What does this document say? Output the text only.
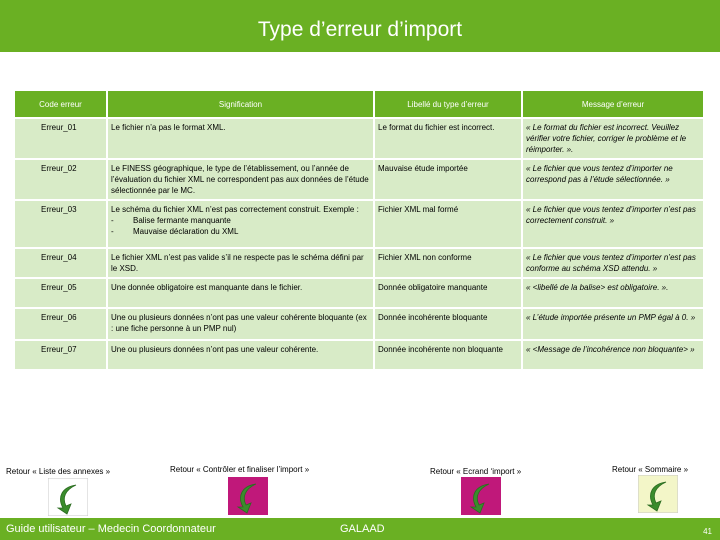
Type d’erreur d’import
Code erreur	Signification	Libellé du type d’erreur	Message d’erreur
Erreur_01	Le fichier n’a pas le format XML.	Le format du fichier est incorrect.	« Le format du fichier est incorrect. Veuillez vérifier votre fichier, corriger le problème et le réimporter. ».
Erreur_02	Le FINESS géographique, le type de l’établissement, ou l’année de l’évaluation du fichier XML ne correspondent pas aux données de l’étude sélectionnée par le MC.	Mauvaise étude importée	« Le fichier que vous tentez d’importer ne correspond pas à l’étude sélectionnée. »
Erreur_03	Le schéma du fichier XML n’est pas correctement construit. Exemple :
- Balise fermante manquante
- Mauvaise déclaration du XML	Fichier XML mal formé	« Le fichier que vous tentez d’importer n’est pas correctement construit. »
Erreur_04	Le fichier XML n’est pas valide s’il ne respecte pas le schéma défini par le XSD.	Fichier XML non conforme	« Le fichier que vous tentez d’importer n’est pas conforme au schéma XSD attendu. »
Erreur_05	Une donnée obligatoire est manquante dans le fichier.	Donnée obligatoire manquante	« <libellé de la balise> est obligatoire. ».
Erreur_06	Une ou plusieurs données n’ont pas une valeur cohérente bloquante (ex : une fiche personne à un PMP nul)	Donnée incohérente bloquante	« L’étude importée présente un PMP égal à 0. »
Erreur_07	Une ou plusieurs données n’ont pas une valeur cohérente.	Donnée incohérente non bloquante	« <Message de l’incohérence non bloquante> »
Retour « Liste des annexes »	Retour « Contrôler et finaliser l’import »	Retour « Ecrand ‘import »	Retour « Sommaire »
Guide utilisateur – Medecin Coordonnateur	GALAAD	41
